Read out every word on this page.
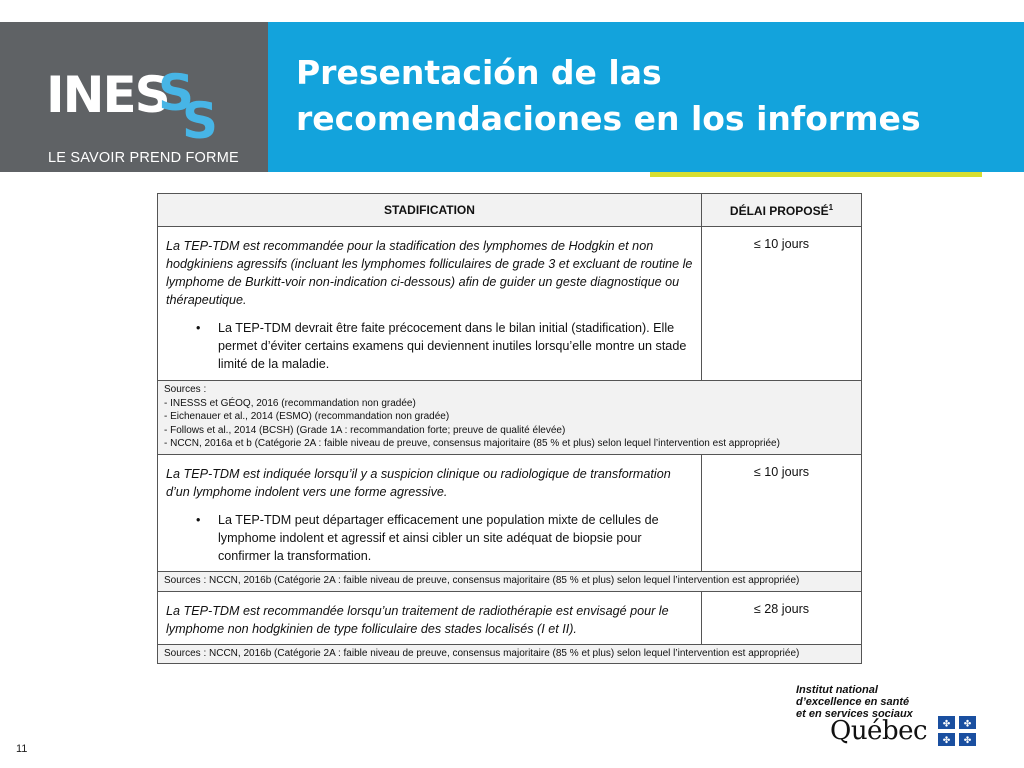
INES
S
S
LE SAVOIR PREND FORME
Presentación de las
recomendaciones en los informes
STADIFICATION	DÉLAI PROPOSÉ$^1$

La TEP-TDM est recommandée pour la stadification des lymphomes de Hodgkin et non hodgkiniens agressifs (incluant les lymphomes folliculaires de grade 3 et excluant de routine le lymphome de Burkitt-voir non-indication ci-dessous) afin de guider un geste diagnostique ou thérapeutique.

• La TEP-TDM devrait être faite précocement dans le bilan initial (stadification). Elle permet d’éviter certains examens qui deviennent inutiles lorsqu’elle montre un stade limité de la maladie.	≤ 10 jours

Sources :
- INESSS et GÉOQ, 2016 (recommandation non gradée)
- Eichenauer et al., 2014 (ESMO) (recommandation non gradée)
- Follows et al., 2014 (BCSH) (Grade 1A : recommandation forte; preuve de qualité élevée)
- NCCN, 2016a et b (Catégorie 2A : faible niveau de preuve, consensus majoritaire (85 % et plus) selon lequel l’intervention est appropriée)	

La TEP-TDM est indiquée lorsqu’il y a suspicion clinique ou radiologique de transformation d’un lymphome indolent vers une forme agressive.

• La TEP-TDM peut départager efficacement une population mixte de cellules de lymphome indolent et agressif et ainsi cibler un site adéquat de biopsie pour confirmer la transformation.	≤ 10 jours

Sources : NCCN, 2016b (Catégorie 2A : faible niveau de preuve, consensus majoritaire (85 % et plus) selon lequel l’intervention est appropriée)	

La TEP-TDM est recommandée lorsqu’un traitement de radiothérapie est envisagé pour le lymphome non hodgkinien de type folliculaire des stades localisés (I et II).	≤ 28 jours

Sources : NCCN, 2016b (Catégorie 2A : faible niveau de preuve, consensus majoritaire (85 % et plus) selon lequel l’intervention est appropriée)	
11
Institut national
d’excellence en santé
et en services sociaux
Québec ✤ ✤
✤ ✤
